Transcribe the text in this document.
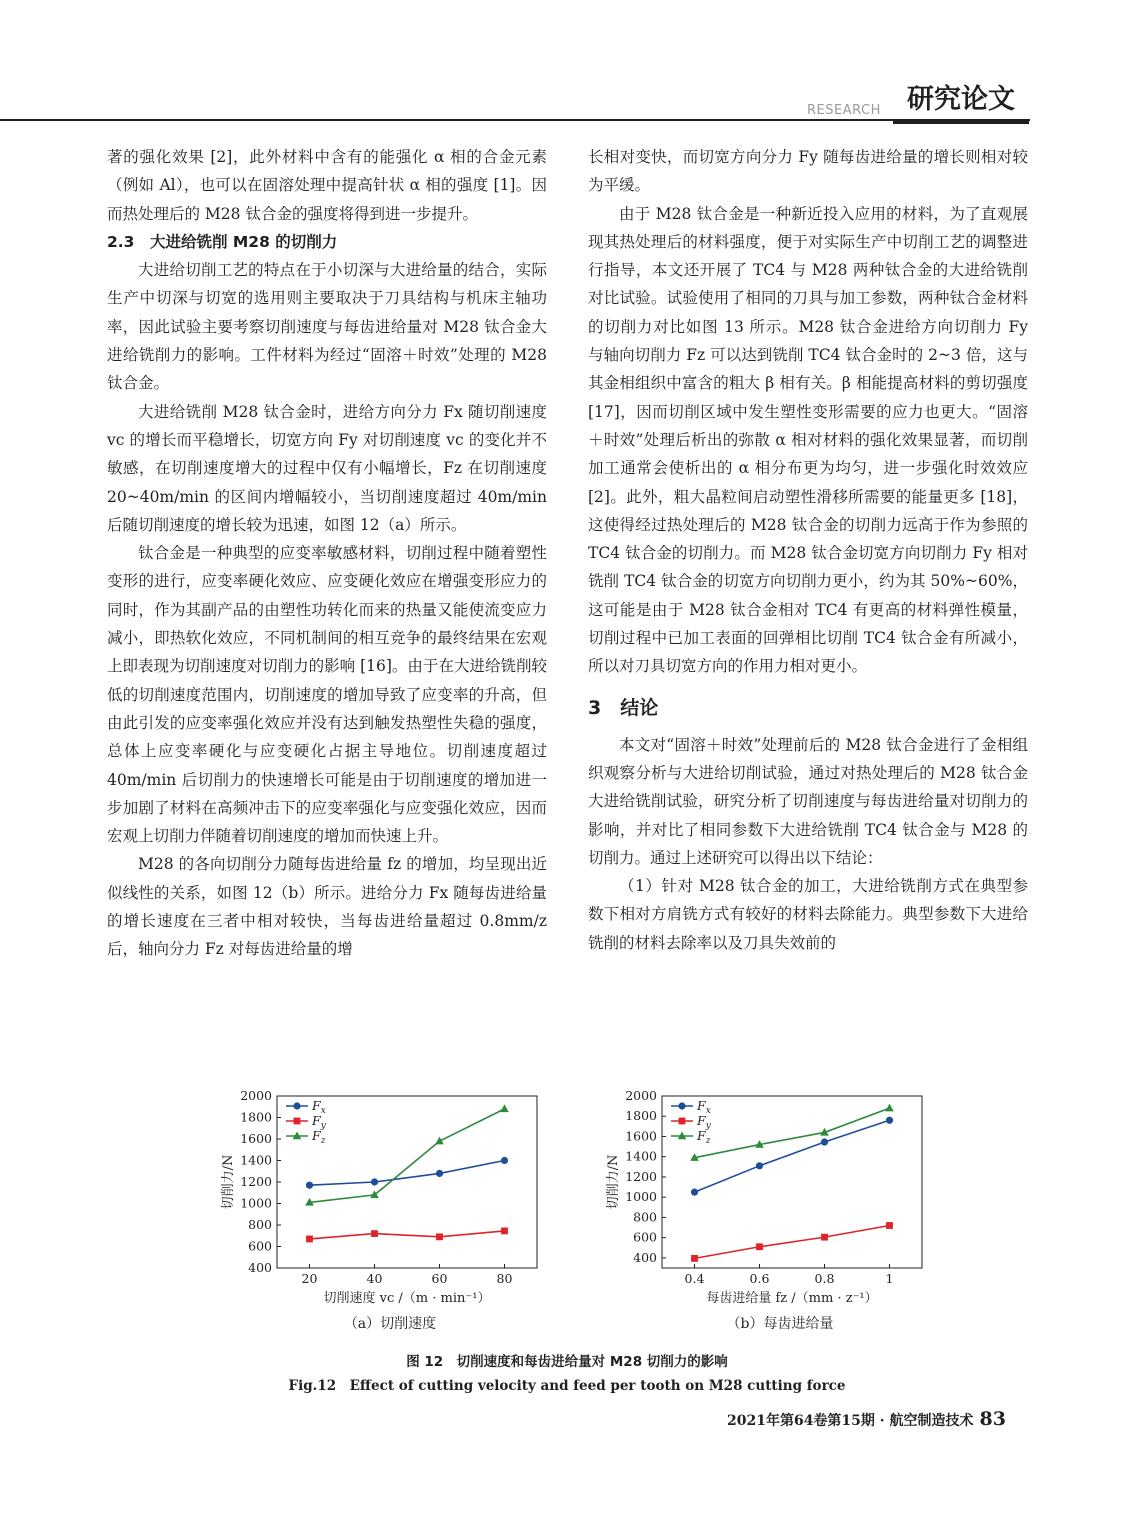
RESEARCH 研究论文

著的强化效果 [2]，此外材料中含有的能强化 α 相的合金元素（例如 Al），也可以在固溶处理中提高针状 α 相的强度 [1]。因而热处理后的 M28 钛合金的强度将得到进一步提升。

2.3　大进给铣削 M28 的切削力

大进给切削工艺的特点在于小切深与大进给量的结合，实际生产中切深与切宽的选用则主要取决于刀具结构与机床主轴功率，因此试验主要考察切削速度与每齿进给量对 M28 钛合金大进给铣削力的影响。工件材料为经过“固溶＋时效”处理的 M28 钛合金。

大进给铣削 M28 钛合金时，进给方向分力 Fx 随切削速度 vc 的增长而平稳增长，切宽方向 Fy 对切削速度 vc 的变化并不敏感，在切削速度增大的过程中仅有小幅增长，Fz 在切削速度 20~40m/min 的区间内增幅较小，当切削速度超过 40m/min 后随切削速度的增长较为迅速，如图 12（a）所示。

钛合金是一种典型的应变率敏感材料，切削过程中随着塑性变形的进行，应变率硬化效应、应变硬化效应在增强变形应力的同时，作为其副产品的由塑性功转化而来的热量又能使流变应力减小，即热软化效应，不同机制间的相互竞争的最终结果在宏观上即表现为切削速度对切削力的影响 [16]。由于在大进给铣削较低的切削速度范围内，切削速度的增加导致了应变率的升高，但由此引发的应变率强化效应并没有达到触发热塑性失稳的强度，总体上应变率硬化与应变硬化占据主导地位。切削速度超过 40m/min 后切削力的快速增长可能是由于切削速度的增加进一步加剧了材料在高频冲击下的应变率强化与应变强化效应，因而宏观上切削力伴随着切削速度的增加而快速上升。

M28 的各向切削分力随每齿进给量 fz 的增加，均呈现出近似线性的关系，如图 12（b）所示。进给分力 Fx 随每齿进给量的增长速度在三者中相对较快，当每齿进给量超过 0.8mm/z 后，轴向分力 Fz 对每齿进给量的增

长相对变快，而切宽方向分力 Fy 随每齿进给量的增长则相对较为平缓。

由于 M28 钛合金是一种新近投入应用的材料，为了直观展现其热处理后的材料强度，便于对实际生产中切削工艺的调整进行指导，本文还开展了 TC4 与 M28 两种钛合金的大进给铣削对比试验。试验使用了相同的刀具与加工参数，两种钛合金材料的切削力对比如图 13 所示。M28 钛合金进给方向切削力 Fy 与轴向切削力 Fz 可以达到铣削 TC4 钛合金时的 2~3 倍，这与其金相组织中富含的粗大 β 相有关。β 相能提高材料的剪切强度 [17]，因而切削区域中发生塑性变形需要的应力也更大。“固溶＋时效”处理后析出的弥散 α 相对材料的强化效果显著，而切削加工通常会使析出的 α 相分布更为均匀，进一步强化时效效应 [2]。此外，粗大晶粒间启动塑性滑移所需要的能量更多 [18]，这使得经过热处理后的 M28 钛合金的切削力远高于作为参照的 TC4 钛合金的切削力。而 M28 钛合金切宽方向切削力 Fy 相对铣削 TC4 钛合金的切宽方向切削力更小，约为其 50%~60%，这可能是由于 M28 钛合金相对 TC4 有更高的材料弹性模量，切削过程中已加工表面的回弹相比切削 TC4 钛合金有所减小，所以对刀具切宽方向的作用力相对更小。

3　结论

本文对“固溶＋时效”处理前后的 M28 钛合金进行了金相组织观察分析与大进给切削试验，通过对热处理后的 M28 钛合金大进给铣削试验，研究分析了切削速度与每齿进给量对切削力的影响，并对比了相同参数下大进给铣削 TC4 钛合金与 M28 的切削力。通过上述研究可以得出以下结论：

（1）针对 M28 钛合金的加工，大进给铣削方式在典型参数下相对方肩铣方式有较好的材料去除能力。典型参数下大进给铣削的材料去除率以及刀具失效前的

400
600
800
1000
1200
1400
1600
1800
2000
20	40	60	80
切削速度 vc /（m · min⁻¹）
切削力/N
$F_x$
$F_y$
$F_z$
（a）切削速度
400
600
800
1000
1200
1400
1600
1800
2000
0.4	0.6	0.8	1
每齿进给量 fz /（mm · z⁻¹）
切削力/N
$F_x$
$F_y$
$F_z$
（b）每齿进给量
图 12　切削速度和每齿进给量对 M28 切削力的影响
Fig.12　Effect of cutting velocity and feed per tooth on M28 cutting force
2021年第64卷第15期 · 航空制造技术 83
